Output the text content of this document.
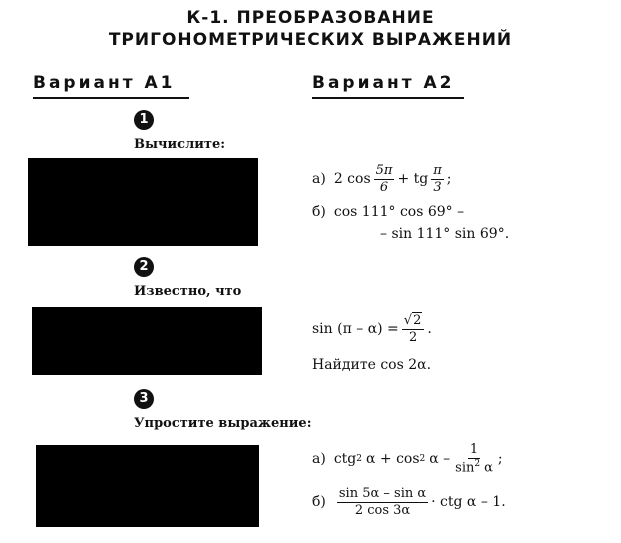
К-1. ПРЕОБРАЗОВАНИЕ
ТРИГОНОМЕТРИЧЕСКИХ ВЫРАЖЕНИЙ
Вариант А1	Вариант А2
1
Вычислите:
а) 2 $\cos \frac{5\pi}{6}$ + tg $\frac{\pi}{3}$ ;
б) cos 111° cos 69° –
– sin 111° sin 69°.
2
Известно, что
$\sin (\pi - \alpha) = \frac{√2}{2}$ .
Найдите cos 2α.
3
Упростите выражение:
а) ctg 2 α + cos 2 α – $\frac{1}{\sin^2 \alpha}$ ;
$б) \frac{\text{sin 5α – sin α}}{2 \cos 3\alpha}$ · ctg α – 1.
